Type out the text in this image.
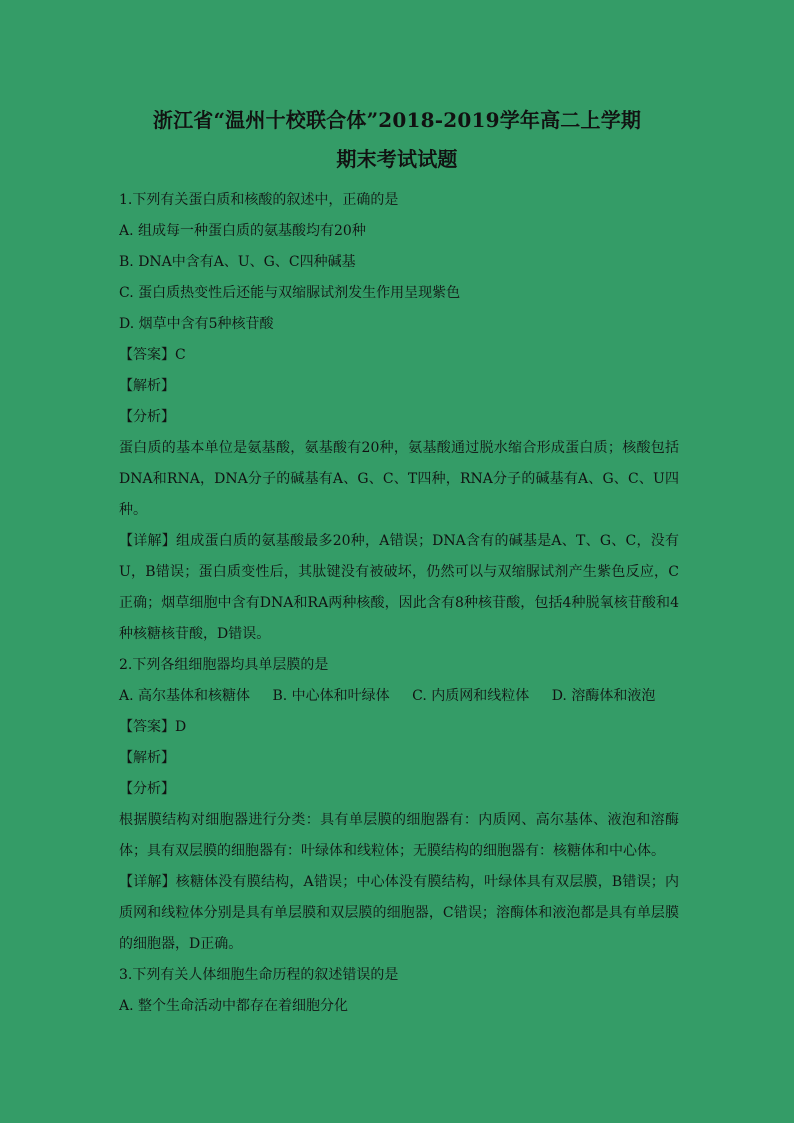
浙江省“温州十校联合体”2018-2019学年高二上学期
期末考试试题
1.下列有关蛋白质和核酸的叙述中，正确的是
A. 组成每一种蛋白质的氨基酸均有20种
B. DNA中含有A、U、G、C四种碱基
C. 蛋白质热变性后还能与双缩脲试剂发生作用呈现紫色
D. 烟草中含有5种核苷酸
【答案】C
【解析】
【分析】
蛋白质的基本单位是氨基酸，氨基酸有20种，氨基酸通过脱水缩合形成蛋白质；核酸包括DNA和RNA，DNA分子的碱基有A、G、C、T四种，RNA分子的碱基有A、G、C、U四种。
【详解】组成蛋白质的氨基酸最多20种，A错误；DNA含有的碱基是A、T、G、C，没有U，B错误；蛋白质变性后，其肽键没有被破坏，仍然可以与双缩脲试剂产生紫色反应，C正确；烟草细胞中含有DNA和RA两种核酸，因此含有8种核苷酸，包括4种脱氧核苷酸和4种核糖核苷酸，D错误。
2.下列各组细胞器均具单层膜的是
A. 高尔基体和核糖体 B. 中心体和叶绿体 C. 内质网和线粒体 D. 溶酶体和液泡
【答案】D
【解析】
【分析】
根据膜结构对细胞器进行分类：具有单层膜的细胞器有：内质网、高尔基体、液泡和溶酶体；具有双层膜的细胞器有：叶绿体和线粒体；无膜结构的细胞器有：核糖体和中心体。
【详解】核糖体没有膜结构，A错误；中心体没有膜结构，叶绿体具有双层膜，B错误；内质网和线粒体分别是具有单层膜和双层膜的细胞器，C错误；溶酶体和液泡都是具有单层膜的细胞器，D正确。
3.下列有关人体细胞生命历程的叙述错误的是
A. 整个生命活动中都存在着细胞分化
